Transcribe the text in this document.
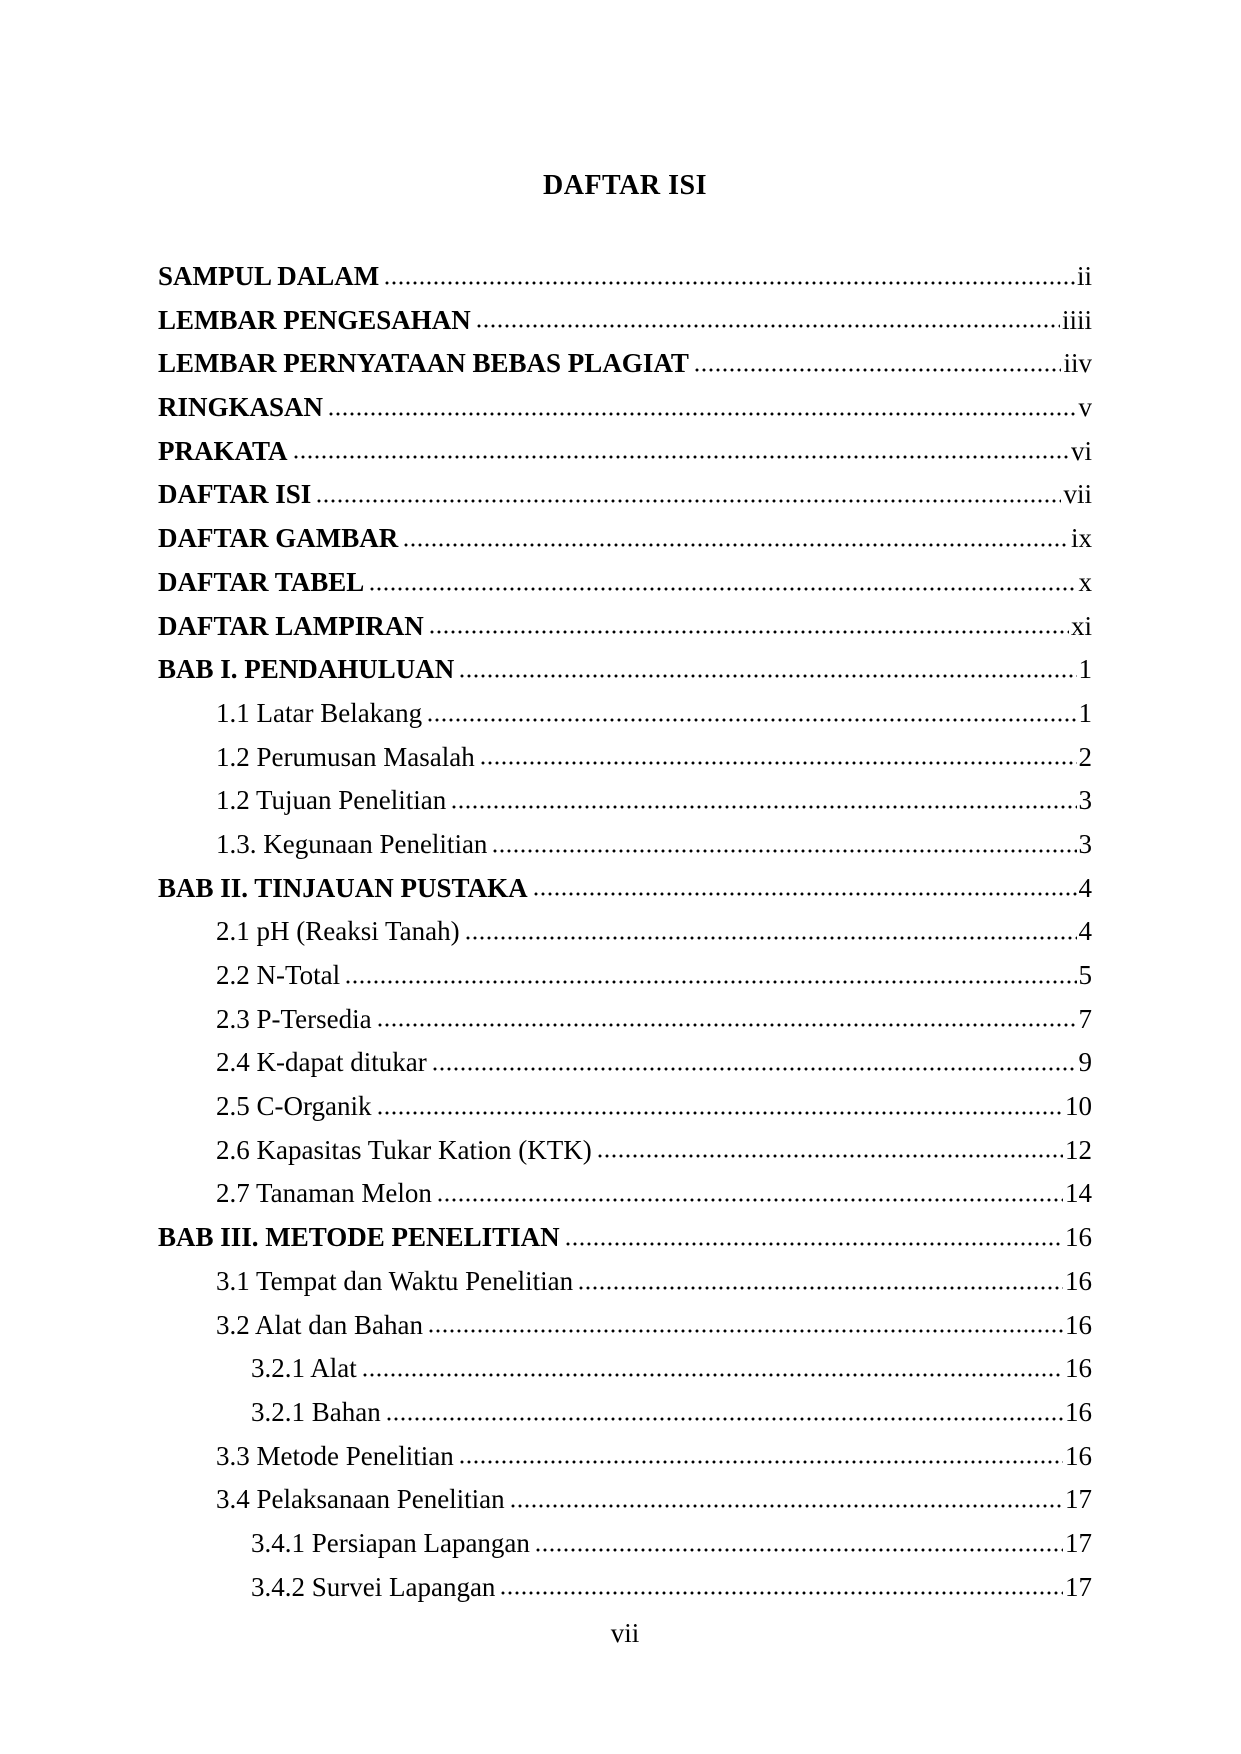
DAFTAR ISI
SAMPUL DALAM	ii
LEMBAR PENGESAHAN	iiii
LEMBAR PERNYATAAN BEBAS PLAGIAT	iiv
RINGKASAN	v
PRAKATA	vi
DAFTAR ISI	vii
DAFTAR GAMBAR	ix
DAFTAR TABEL	x
DAFTAR LAMPIRAN	xi
BAB I. PENDAHULUAN	1
1.1 Latar Belakang	1
1.2 Perumusan Masalah	2
1.2 Tujuan Penelitian	3
1.3. Kegunaan Penelitian	3
BAB II. TINJAUAN PUSTAKA	4
2.1 pH (Reaksi Tanah)	4
2.2 N-Total	5
2.3 P-Tersedia	7
2.4 K-dapat ditukar	9
2.5 C-Organik	10
2.6 Kapasitas Tukar Kation (KTK)	12
2.7 Tanaman Melon	14
BAB III. METODE PENELITIAN	16
3.1 Tempat dan Waktu Penelitian	16
3.2 Alat dan Bahan	16
3.2.1 Alat	16
3.2.1 Bahan	16
3.3 Metode Penelitian	16
3.4 Pelaksanaan Penelitian	17
3.4.1 Persiapan Lapangan	17
3.4.2 Survei Lapangan	17
vii
